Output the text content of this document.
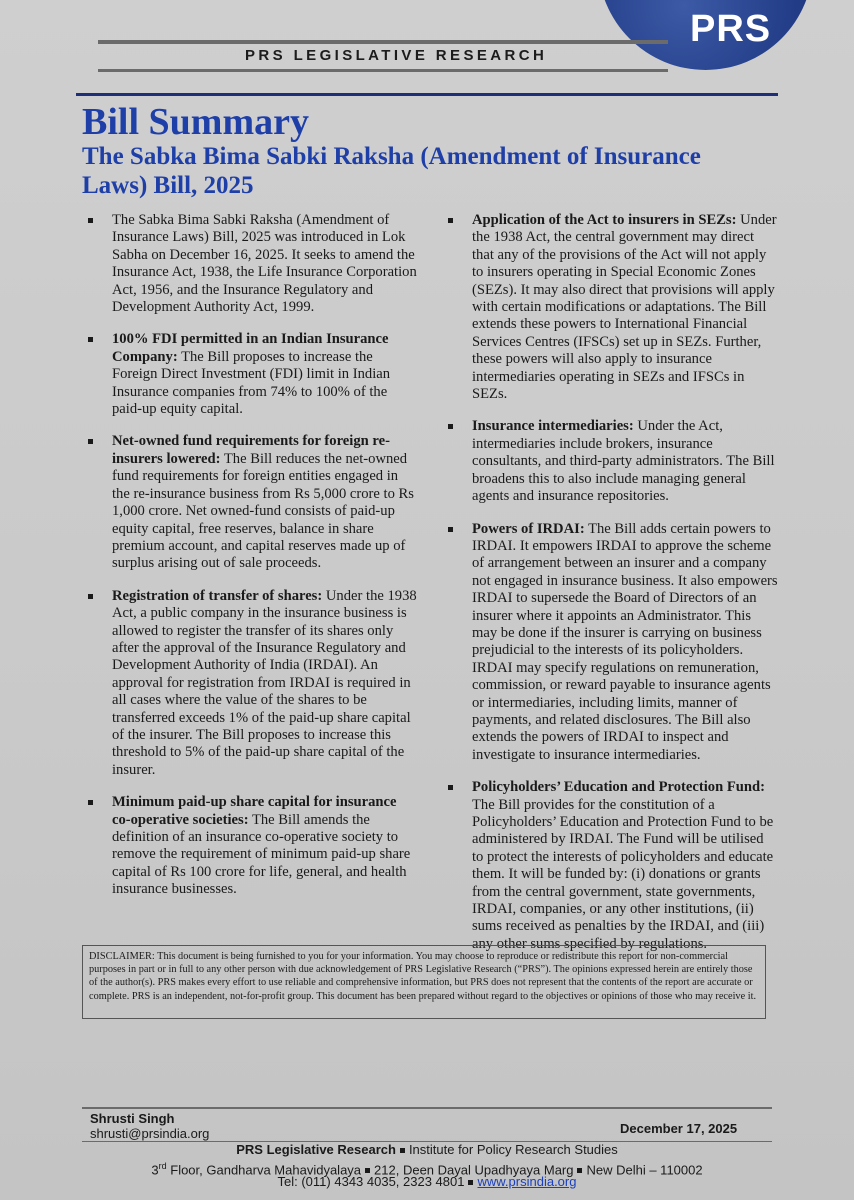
PRS
PRS LEGISLATIVE RESEARCH
Bill Summary
The Sabka Bima Sabki Raksha (Amendment of Insurance Laws) Bill, 2025
The Sabka Bima Sabki Raksha (Amendment of Insurance Laws) Bill, 2025 was introduced in Lok Sabha on December 16, 2025. It seeks to amend the Insurance Act, 1938, the Life Insurance Corporation Act, 1956, and the Insurance Regulatory and Development Authority Act, 1999.
100% FDI permitted in an Indian Insurance Company: The Bill proposes to increase the Foreign Direct Investment (FDI) limit in Indian Insurance companies from 74% to 100% of the paid-up equity capital.
Net-owned fund requirements for foreign re-insurers lowered: The Bill reduces the net-owned fund requirements for foreign entities engaged in the re-insurance business from Rs 5,000 crore to Rs 1,000 crore. Net owned-fund consists of paid-up equity capital, free reserves, balance in share premium account, and capital reserves made up of surplus arising out of sale proceeds.
Registration of transfer of shares: Under the 1938 Act, a public company in the insurance business is allowed to register the transfer of its shares only after the approval of the Insurance Regulatory and Development Authority of India (IRDAI). An approval for registration from IRDAI is required in all cases where the value of the shares to be transferred exceeds 1% of the paid-up share capital of the insurer. The Bill proposes to increase this threshold to 5% of the paid-up share capital of the insurer.
Minimum paid-up share capital for insurance co-operative societies: The Bill amends the definition of an insurance co-operative society to remove the requirement of minimum paid-up share capital of Rs 100 crore for life, general, and health insurance businesses.
Application of the Act to insurers in SEZs: Under the 1938 Act, the central government may direct that any of the provisions of the Act will not apply to insurers operating in Special Economic Zones (SEZs). It may also direct that provisions will apply with certain modifications or adaptations. The Bill extends these powers to International Financial Services Centres (IFSCs) set up in SEZs. Further, these powers will also apply to insurance intermediaries operating in SEZs and IFSCs in SEZs.
Insurance intermediaries: Under the Act, intermediaries include brokers, insurance consultants, and third-party administrators. The Bill broadens this to also include managing general agents and insurance repositories.
Powers of IRDAI: The Bill adds certain powers to IRDAI. It empowers IRDAI to approve the scheme of arrangement between an insurer and a company not engaged in insurance business. It also empowers IRDAI to supersede the Board of Directors of an insurer where it appoints an Administrator. This may be done if the insurer is carrying on business prejudicial to the interests of its policyholders. IRDAI may specify regulations on remuneration, commission, or reward payable to insurance agents or intermediaries, including limits, manner of payments, and related disclosures. The Bill also extends the powers of IRDAI to inspect and investigate to insurance intermediaries.
Policyholders’ Education and Protection Fund: The Bill provides for the constitution of a Policyholders’ Education and Protection Fund to be administered by IRDAI. The Fund will be utilised to protect the interests of policyholders and educate them. It will be funded by: (i) donations or grants from the central government, state governments, IRDAI, companies, or any other institutions, (ii) sums received as penalties by the IRDAI, and (iii) any other sums specified by regulations.
DISCLAIMER: This document is being furnished to you for your information. You may choose to reproduce or redistribute this report for non-commercial purposes in part or in full to any other person with due acknowledgement of PRS Legislative Research (“PRS”). The opinions expressed herein are entirely those of the author(s). PRS makes every effort to use reliable and comprehensive information, but PRS does not represent that the contents of the report are accurate or complete. PRS is an independent, not-for-profit group. This document has been prepared without regard to the objectives or opinions of those who may receive it.
Shrusti Singh
shrusti@prsindia.org	December 17, 2025
PRS Legislative Research Institute for Policy Research Studies
3rd Floor, Gandharva Mahavidyalaya 212, Deen Dayal Upadhyaya Marg New Delhi – 110002
Tel: (011) 4343 4035, 2323 4801 www.prsindia.org
